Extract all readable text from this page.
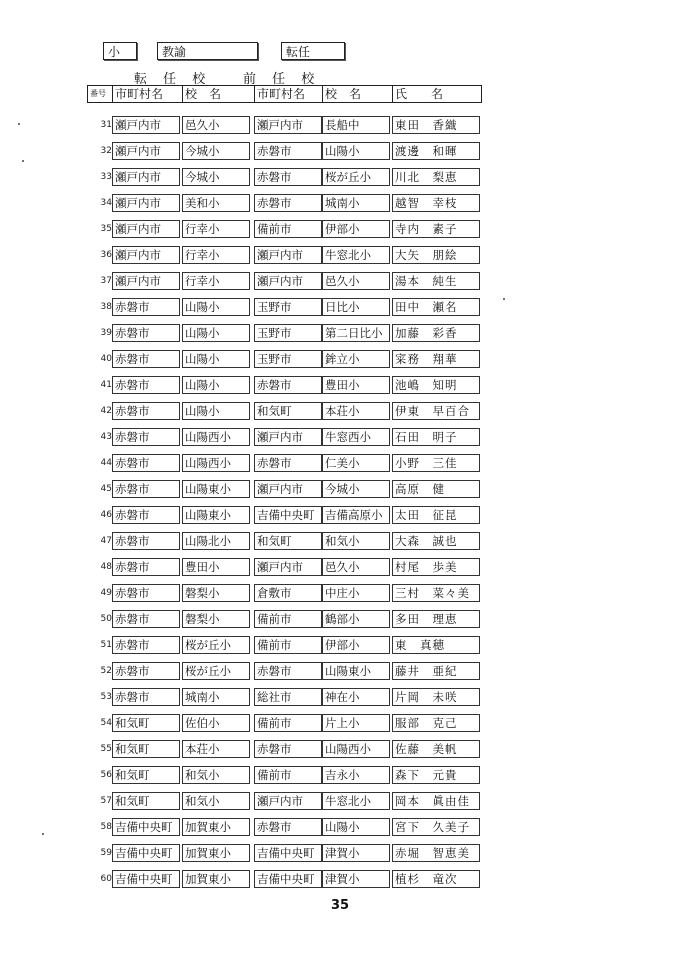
小	教諭	転任
転 任 校 前 任 校
番号 市町村名	校　名	市町村名	校　名	氏　　名
31 瀬戸内市	邑久小	瀬戸内市	長船中	東田　香織
32 瀬戸内市	今城小	赤磐市	山陽小	渡邊　和暉
33 瀬戸内市	今城小	赤磐市	桜が丘小	川北　梨恵
34 瀬戸内市	美和小	赤磐市	城南小	越智　幸枝
35 瀬戸内市	行幸小	備前市	伊部小	寺内　素子
36 瀬戸内市	行幸小	瀬戸内市	牛窓北小	大矢　朋絵
37 瀬戸内市	行幸小	瀬戸内市	邑久小	湯本　純生
38 赤磐市	山陽小	玉野市	日比小	田中　瀬名
39 赤磐市	山陽小	玉野市	第二日比小	加藤　彩香
40 赤磐市	山陽小	玉野市	鉾立小	寀務　翔華
41 赤磐市	山陽小	赤磐市	豊田小	池嶋　知明
42 赤磐市	山陽小	和気町	本荘小	伊東　早百合
43 赤磐市	山陽西小	瀬戸内市	牛窓西小	石田　明子
44 赤磐市	山陽西小	赤磐市	仁美小	小野　三佳
45 赤磐市	山陽東小	瀬戸内市	今城小	高原　健
46 赤磐市	山陽東小	吉備中央町 吉備高原小	太田　征昆
47 赤磐市	山陽北小	和気町	和気小	大森　誠也
48 赤磐市	豊田小	瀬戸内市	邑久小	村尾　歩美
49 赤磐市	磐梨小	倉敷市	中庄小	三村　菜々美
50 赤磐市	磐梨小	備前市	鶴部小	多田　理恵
51 赤磐市	桜が丘小	備前市	伊部小	東　真穂
52 赤磐市	桜が丘小	赤磐市	山陽東小	藤井　亜紀
53 赤磐市	城南小	総社市	神在小	片岡　未咲
54 和気町	佐伯小	備前市	片上小	服部　克己
55 和気町	本荘小	赤磐市	山陽西小	佐藤　美帆
56 和気町	和気小	備前市	吉永小	森下　元貴
57 和気町	和気小	瀬戸内市	牛窓北小	岡本　眞由佳
58 吉備中央町	加賀東小	赤磐市	山陽小	宮下　久美子
59 吉備中央町	加賀東小	吉備中央町 津賀小	赤堀　智恵美
60 吉備中央町	加賀東小	吉備中央町 津賀小	植杉　竜次
35
